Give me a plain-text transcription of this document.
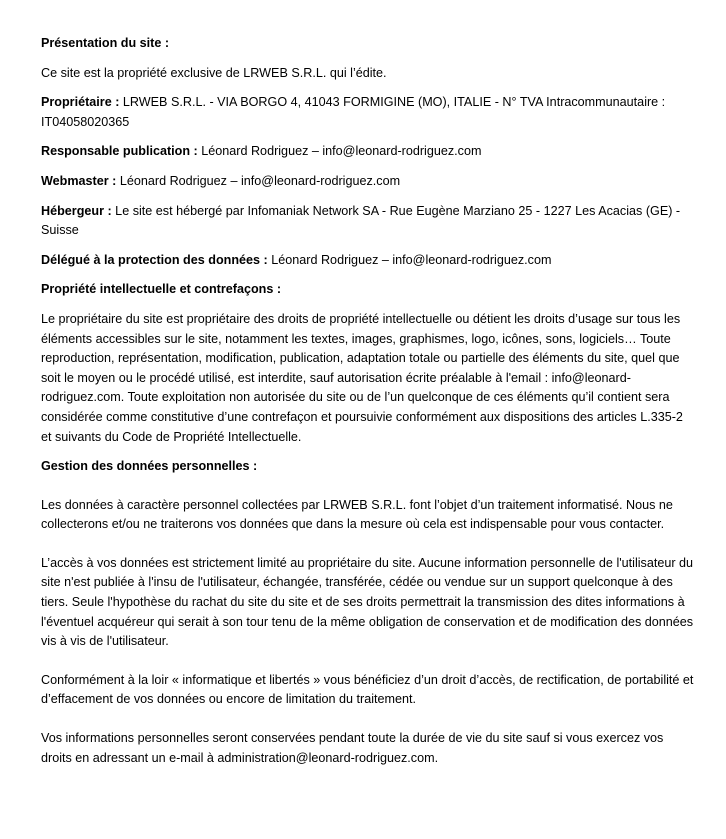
Présentation du site :

Ce site est la propriété exclusive de LRWEB S.R.L. qui l’édite.

Propriétaire : LRWEB S.R.L. - VIA BORGO 4, 41043 FORMIGINE (MO), ITALIE - N° TVA Intracommunautaire : IT04058020365

Responsable publication : Léonard Rodriguez – info@leonard-rodriguez.com

Webmaster : Léonard Rodriguez – info@leonard-rodriguez.com

Hébergeur : Le site est hébergé par Infomaniak Network SA - Rue Eugène Marziano 25 - 1227 Les Acacias (GE) - Suisse

Délégué à la protection des données : Léonard Rodriguez – info@leonard-rodriguez.com

Propriété intellectuelle et contrefaçons :

Le propriétaire du site est propriétaire des droits de propriété intellectuelle ou détient les droits d’usage sur tous les éléments accessibles sur le site, notamment les textes, images, graphismes, logo, icônes, sons, logiciels… Toute reproduction, représentation, modification, publication, adaptation totale ou partielle des éléments du site, quel que soit le moyen ou le procédé utilisé, est interdite, sauf autorisation écrite préalable à l'email : info@leonard-rodriguez.com. Toute exploitation non autorisée du site ou de l’un quelconque de ces éléments qu’il contient sera considérée comme constitutive d’une contrefaçon et poursuivie conformément aux dispositions des articles L.335-2 et suivants du Code de Propriété Intellectuelle.

Gestion des données personnelles :

Les données à caractère personnel collectées par LRWEB S.R.L. font l’objet d’un traitement informatisé. Nous ne collecterons et/ou ne traiterons vos données que dans la mesure où cela est indispensable pour vous contacter.

L’accès à vos données est strictement limité au propriétaire du site. Aucune information personnelle de l'utilisateur du site n'est publiée à l'insu de l'utilisateur, échangée, transférée, cédée ou vendue sur un support quelconque à des tiers. Seule l'hypothèse du rachat du site du site et de ses droits permettrait la transmission des dites informations à l'éventuel acquéreur qui serait à son tour tenu de la même obligation de conservation et de modification des données vis à vis de l'utilisateur.

Conformément à la loir « informatique et libertés » vous bénéficiez d’un droit d’accès, de rectification, de portabilité et d’effacement de vos données ou encore de limitation du traitement.

Vos informations personnelles seront conservées pendant toute la durée de vie du site sauf si vous exercez vos droits en adressant un e-mail à administration@leonard-rodriguez.com.
